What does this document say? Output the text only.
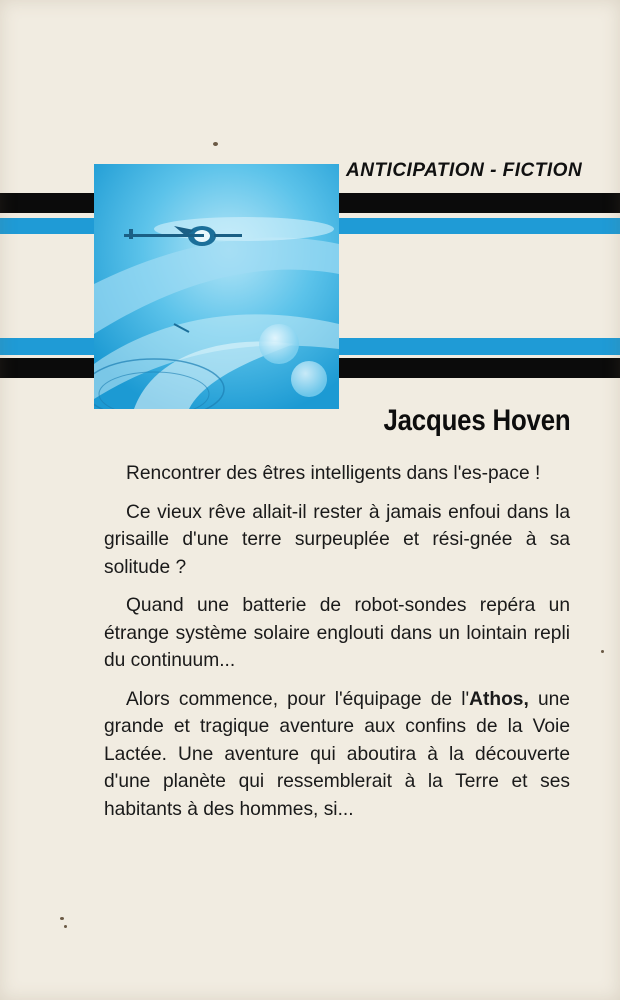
ANTICIPATION - FICTION
Jacques Hoven

Rencontrer des êtres intelligents dans l'es-pace !

Ce vieux rêve allait-il rester à jamais enfoui dans la grisaille d'une terre surpeuplée et rési-gnée à sa solitude ?

Quand une batterie de robot-sondes repéra un étrange système solaire englouti dans un lointain repli du continuum...

Alors commence, pour l'équipage de l'Athos, une grande et tragique aventure aux confins de la Voie Lactée. Une aventure qui aboutira à la découverte d'une planète qui ressemblerait à la Terre et ses habitants à des hommes, si...
